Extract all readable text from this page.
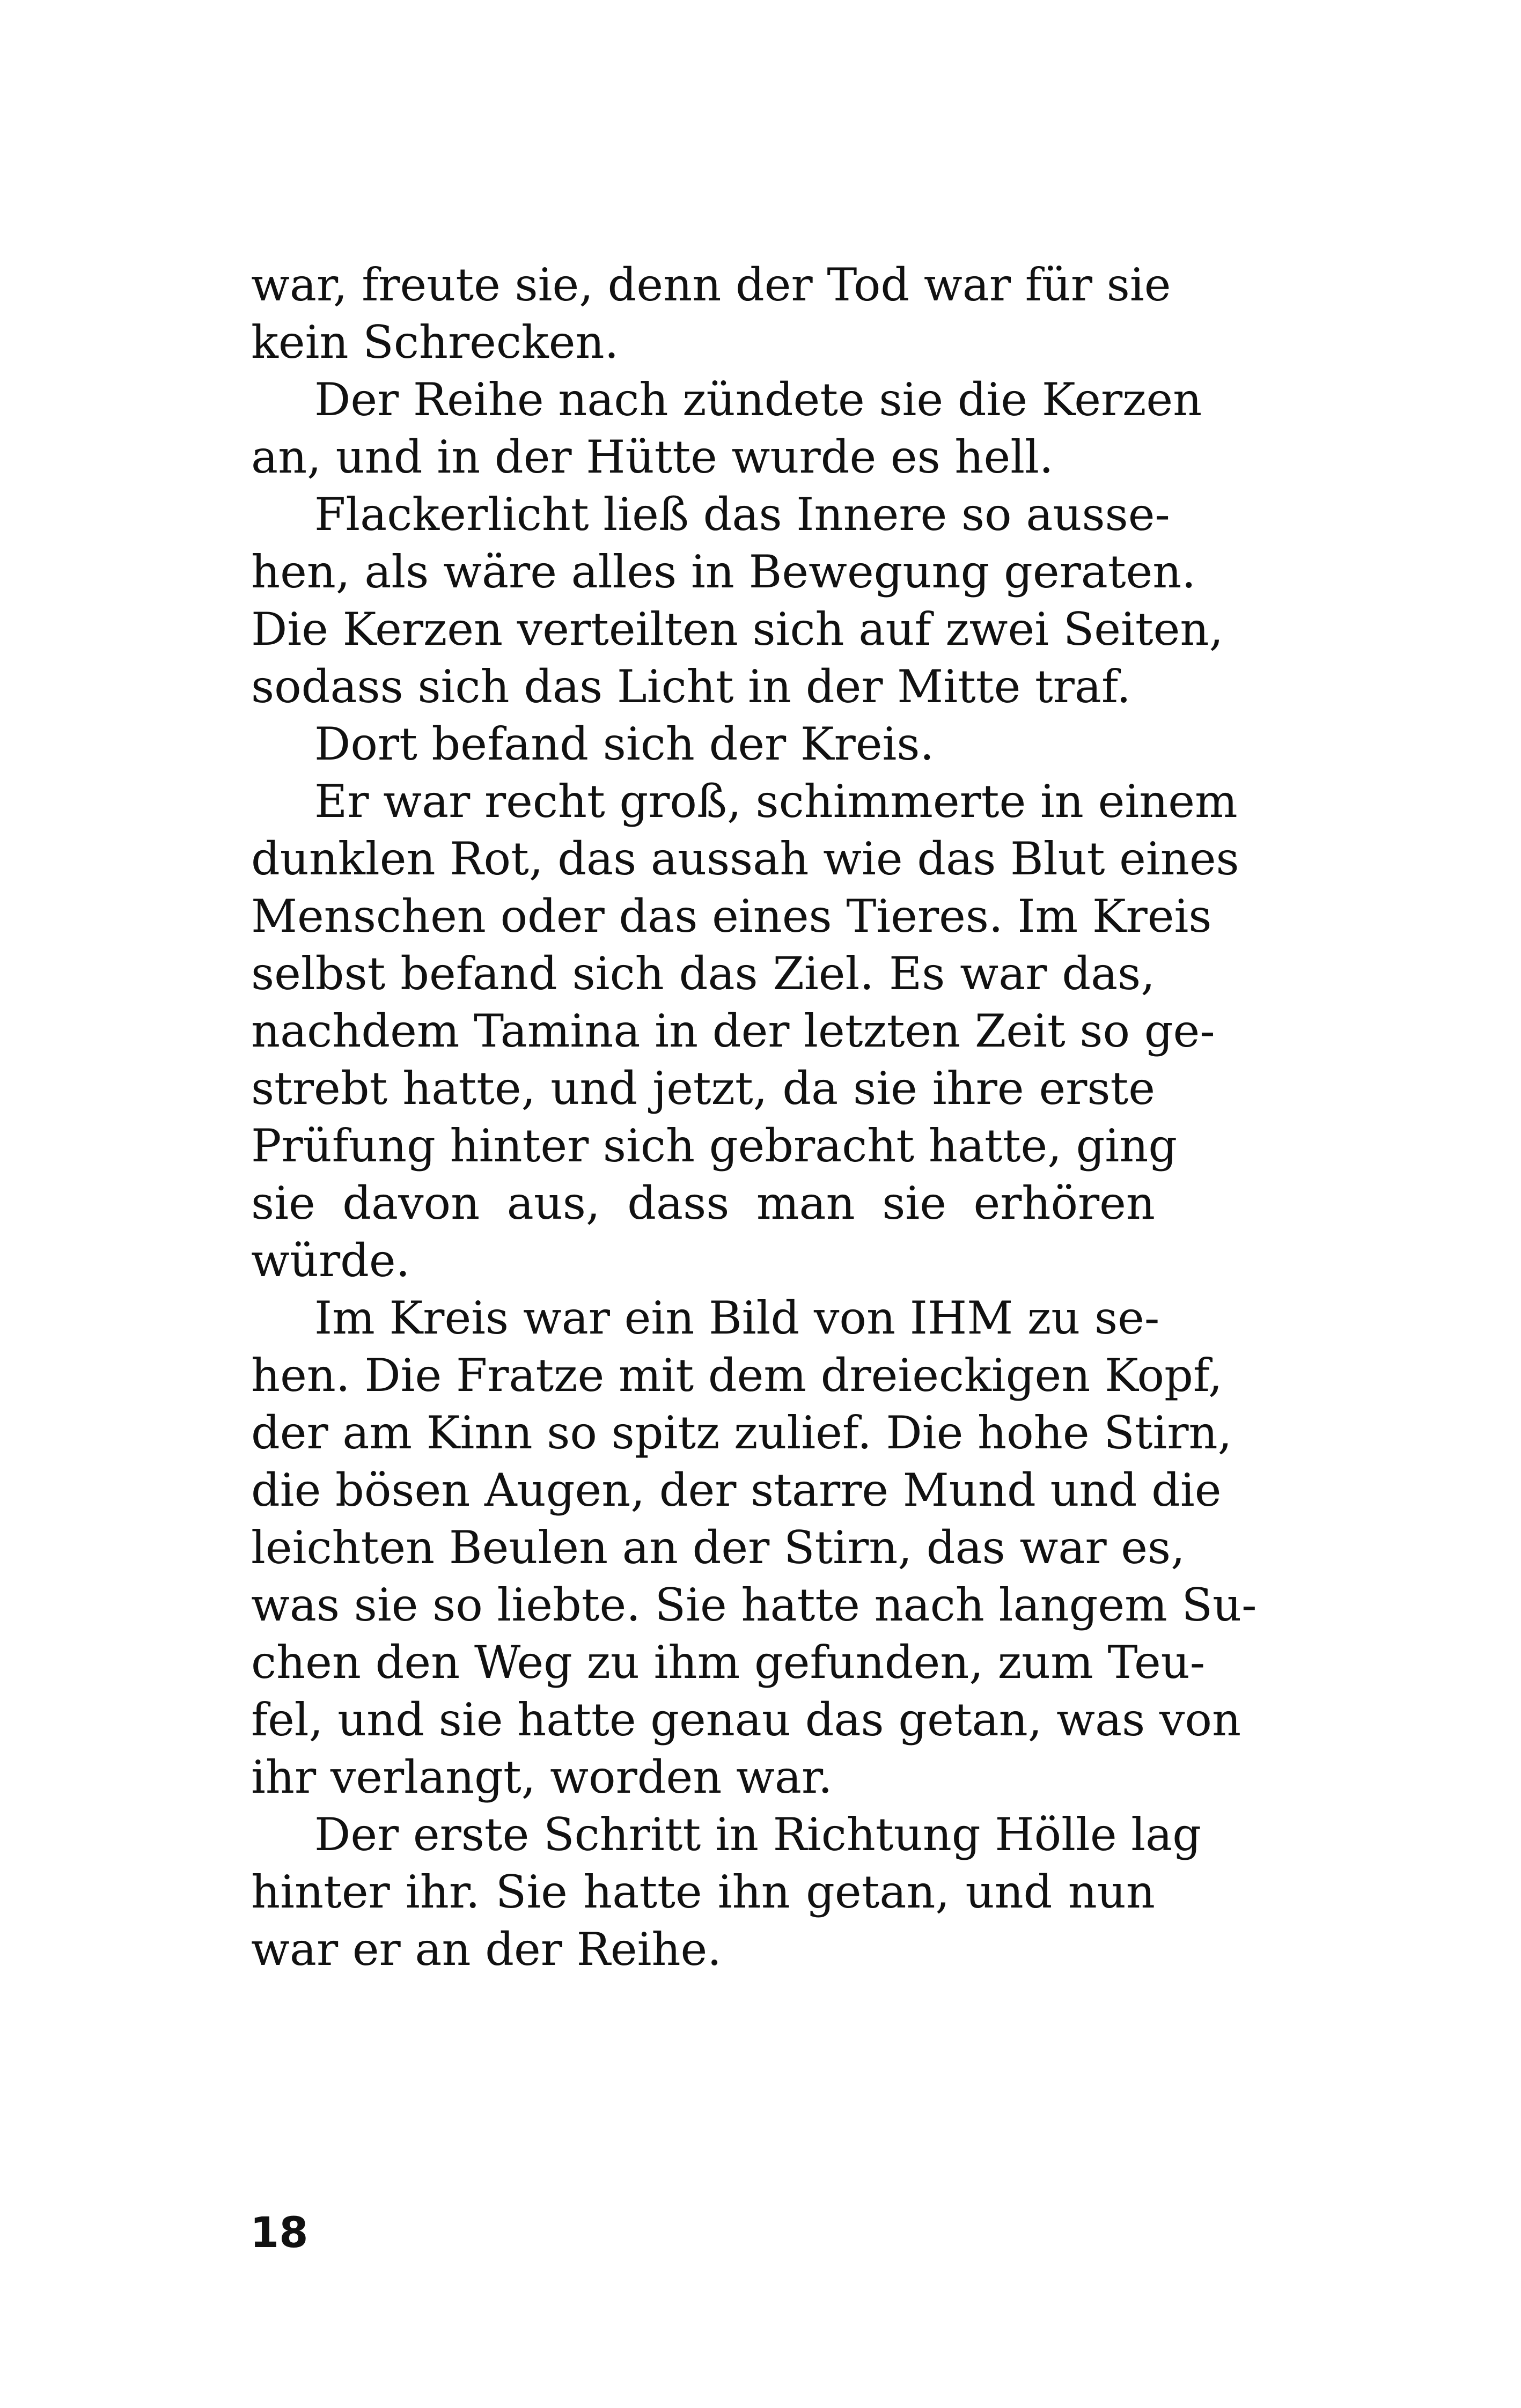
war, freute sie, denn der Tod war für sie
kein Schrecken.
Der Reihe nach zündete sie die Kerzen
an, und in der Hütte wurde es hell.
Flackerlicht ließ das Innere so ausse-
hen, als wäre alles in Bewegung geraten.
Die Kerzen verteilten sich auf zwei Seiten,
sodass sich das Licht in der Mitte traf.
Dort befand sich der Kreis.
Er war recht groß, schimmerte in einem
dunklen Rot, das aussah wie das Blut eines
Menschen oder das eines Tieres. Im Kreis
selbst befand sich das Ziel. Es war das,
nachdem Tamina in der letzten Zeit so ge-
strebt hatte, und jetzt, da sie ihre erste
Prüfung hinter sich gebracht hatte, ging
sie davon aus, dass man sie erhören
würde.
Im Kreis war ein Bild von IHM zu se-
hen. Die Fratze mit dem dreieckigen Kopf,
der am Kinn so spitz zulief. Die hohe Stirn,
die bösen Augen, der starre Mund und die
leichten Beulen an der Stirn, das war es,
was sie so liebte. Sie hatte nach langem Su-
chen den Weg zu ihm gefunden, zum Teu-
fel, und sie hatte genau das getan, was von
ihr verlangt, worden war.
Der erste Schritt in Richtung Hölle lag
hinter ihr. Sie hatte ihn getan, und nun
war er an der Reihe.
18
